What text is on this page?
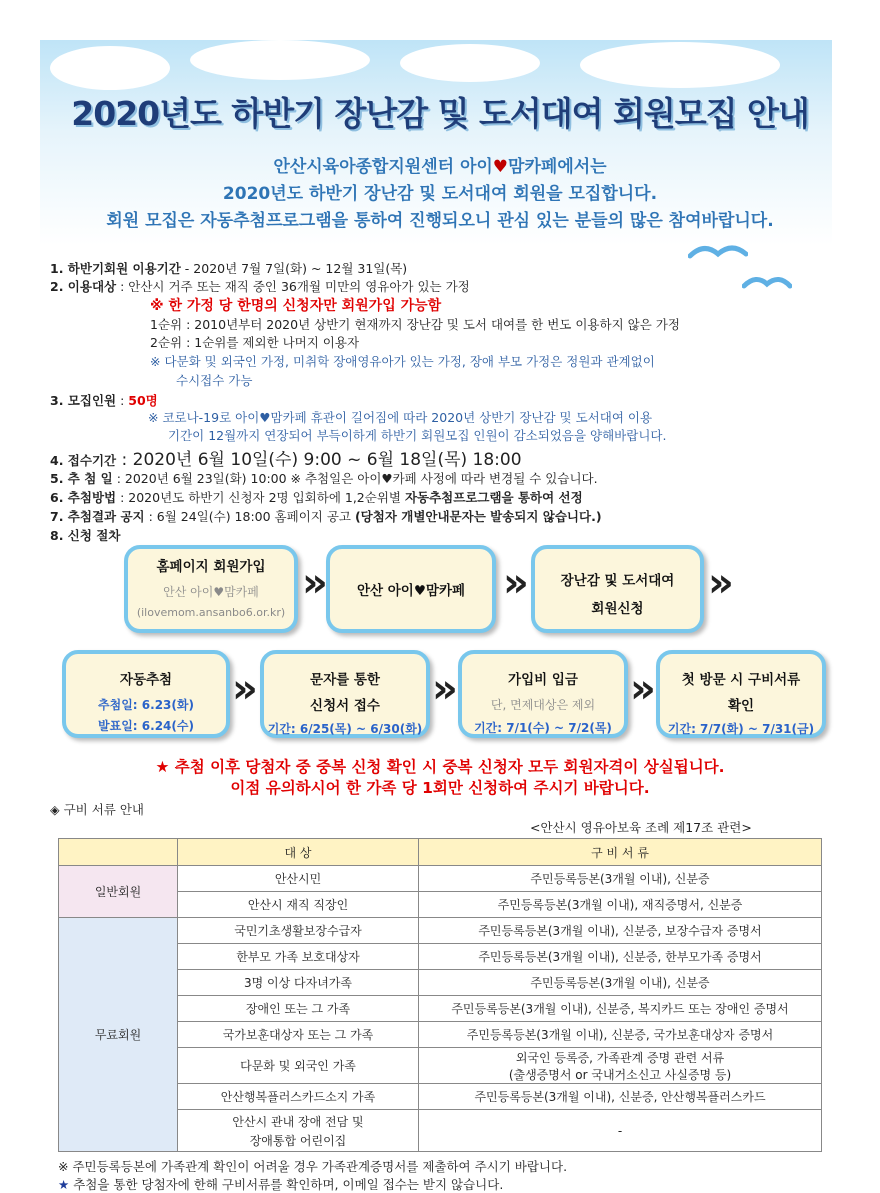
2020년도 하반기 장난감 및 도서대여 회원모집 안내
안산시육아종합지원센터 아이♥맘카페에서는
2020년도 하반기 장난감 및 도서대여 회원을 모집합니다.
회원 모집은 자동추첨프로그램을 통하여 진행되오니 관심 있는 분들의 많은 참여바랍니다.
1. 하반기회원 이용기간 - 2020년 7월 7일(화) ~ 12월 31일(목)
2. 이용대상 : 안산시 거주 또는 재직 중인 36개월 미만의 영유아가 있는 가정
※ 한 가정 당 한명의 신청자만 회원가입 가능함
1순위 : 2010년부터 2020년 상반기 현재까지 장난감 및 도서 대여를 한 번도 이용하지 않은 가정
2순위 : 1순위를 제외한 나머지 이용자
※ 다문화 및 외국인 가정, 미취학 장애영유아가 있는 가정, 장애 부모 가정은 정원과 관계없이
수시접수 가능
3. 모집인원 : 50명
※ 코로나-19로 아이♥맘카페 휴관이 길어짐에 따라 2020년 상반기 장난감 및 도서대여 이용
기간이 12월까지 연장되어 부득이하게 하반기 회원모집 인원이 감소되었음을 양해바랍니다.
4. 접수기간 : 2020년 6월 10일(수) 9:00 ~ 6월 18일(목) 18:00
5. 추 첨 일 : 2020년 6월 23일(화) 10:00 ※ 추첨일은 아이♥카페 사정에 따라 변경될 수 있습니다.
6. 추첨방법 : 2020년도 하반기 신청자 2명 입회하에 1,2순위별 자동추첨프로그램을 통하여 선정
7. 추첨결과 공지 : 6월 24일(수) 18:00 홈페이지 공고 (당첨자 개별안내문자는 발송되지 않습니다.)
8. 신청 절차
홈페이지 회원가입
안산 아이♥맘카페
(ilovemom.ansanbo6.or.kr)
»	안산 아이♥맘카페 »	장난감 및 도서대여
회원신청
»
자동추첨
추첨일: 6.23(화)
발표일: 6.24(수)
»	문자를 통한
신청서 접수
기간: 6/25(목) ~ 6/30(화)
»	가입비 입금
단, 면제대상은 제외
기간: 7/1(수) ~ 7/2(목)
»	첫 방문 시 구비서류
확인
기간: 7/7(화) ~ 7/31(금)
★ 추첨 이후 당첨자 중 중복 신청 확인 시 중복 신청자 모두 회원자격이 상실됩니다.
이점 유의하시어 한 가족 당 1회만 신청하여 주시기 바랍니다.
◈ 구비 서류 안내
<안산시 영유아보육 조례 제17조 관련>
	대 상	구 비 서 류
일반회원	안산시민	주민등록등본(3개월 이내), 신분증
	안산시 재직 직장인	주민등록등본(3개월 이내), 재직증명서, 신분증
무료회원	국민기초생활보장수급자	주민등록등본(3개월 이내), 신분증, 보장수급자 증명서
	한부모 가족 보호대상자	주민등록등본(3개월 이내), 신분증, 한부모가족 증명서
	3명 이상 다자녀가족	주민등록등본(3개월 이내), 신분증
	장애인 또는 그 가족	주민등록등본(3개월 이내), 신분증, 복지카드 또는 장애인 증명서
	국가보훈대상자 또는 그 가족	주민등록등본(3개월 이내), 신분증, 국가보훈대상자 증명서
	다문화 및 외국인 가족	외국인 등록증, 가족관계 증명 관련 서류
(출생증명서 or 국내거소신고 사실증명 등)

	안산행복플러스카드소지 가족	주민등록등본(3개월 이내), 신분증, 안산행복플러스카드

	안산시 관내 장애 전담 및
장애통합 어린이집	-
※ 주민등록등본에 가족관계 확인이 어려울 경우 가족관계증명서를 제출하여 주시기 바랍니다.
★ 추첨을 통한 당첨자에 한해 구비서류를 확인하며, 이메일 접수는 받지 않습니다.
